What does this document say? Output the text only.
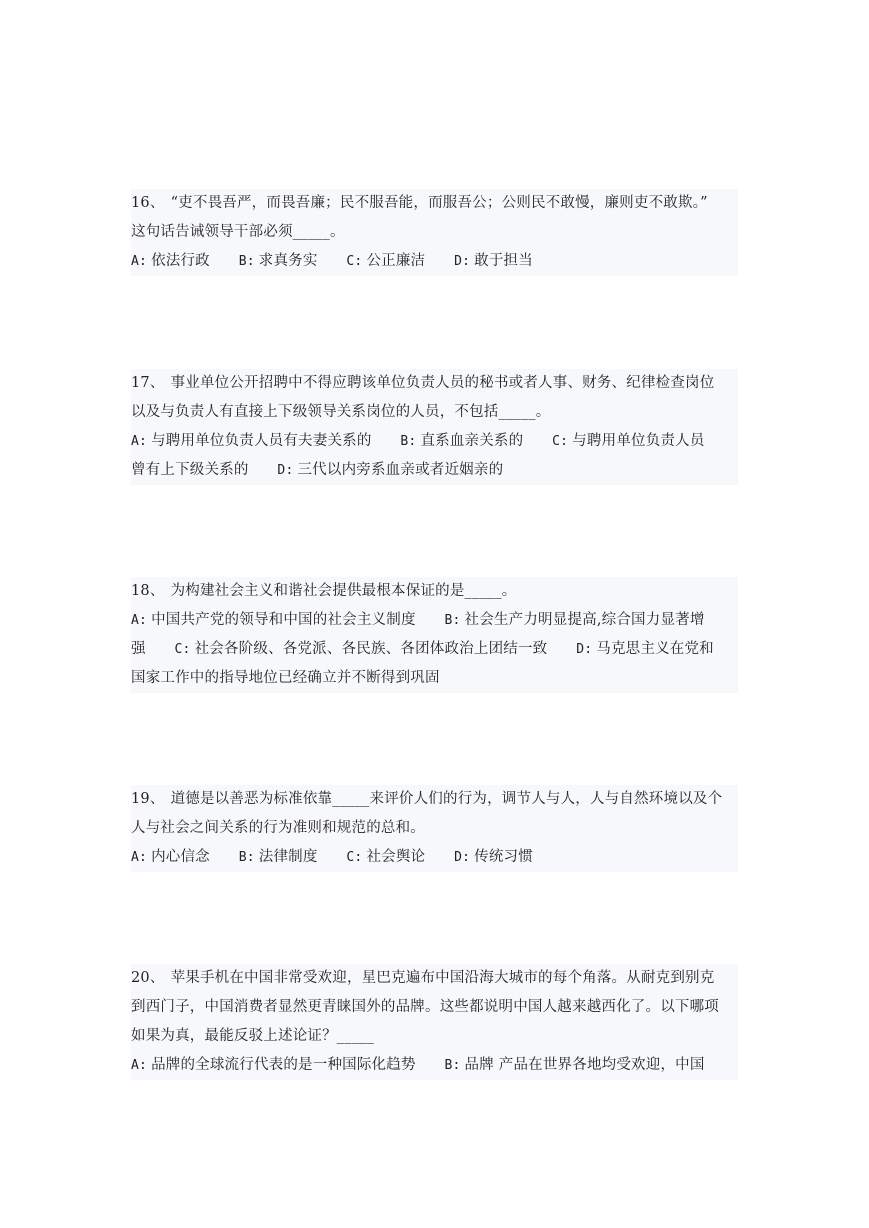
16、 “吏不畏吾严，而畏吾廉；民不服吾能，而服吾公；公则民不敢慢，廉则吏不敢欺。”
这句话告诫领导干部必须_____。
A: 依法行政 B: 求真务实 C: 公正廉洁 D: 敢于担当
17、 事业单位公开招聘中不得应聘该单位负责人员的秘书或者人事、财务、纪律检查岗位
以及与负责人有直接上下级领导关系岗位的人员，不包括_____。
A: 与聘用单位负责人员有夫妻关系的 B: 直系血亲关系的 C: 与聘用单位负责人员
曾有上下级关系的 D: 三代以内旁系血亲或者近姻亲的
18、 为构建社会主义和谐社会提供最根本保证的是_____。
A: 中国共产党的领导和中国的社会主义制度 B: 社会生产力明显提高,综合国力显著增
强 C: 社会各阶级、各党派、各民族、各团体政治上团结一致 D: 马克思主义在党和
国家工作中的指导地位已经确立并不断得到巩固
19、 道德是以善恶为标准依靠_____来评价人们的行为，调节人与人，人与自然环境以及个
人与社会之间关系的行为准则和规范的总和。
A: 内心信念 B: 法律制度 C: 社会舆论 D: 传统习惯
20、 苹果手机在中国非常受欢迎，星巴克遍布中国沿海大城市的每个角落。从耐克到别克
到西门子，中国消费者显然更青睐国外的品牌。这些都说明中国人越来越西化了。以下哪项
如果为真，最能反驳上述论证？_____
A: 品牌的全球流行代表的是一种国际化趋势 B: 品牌 产品在世界各地均受欢迎，中国
